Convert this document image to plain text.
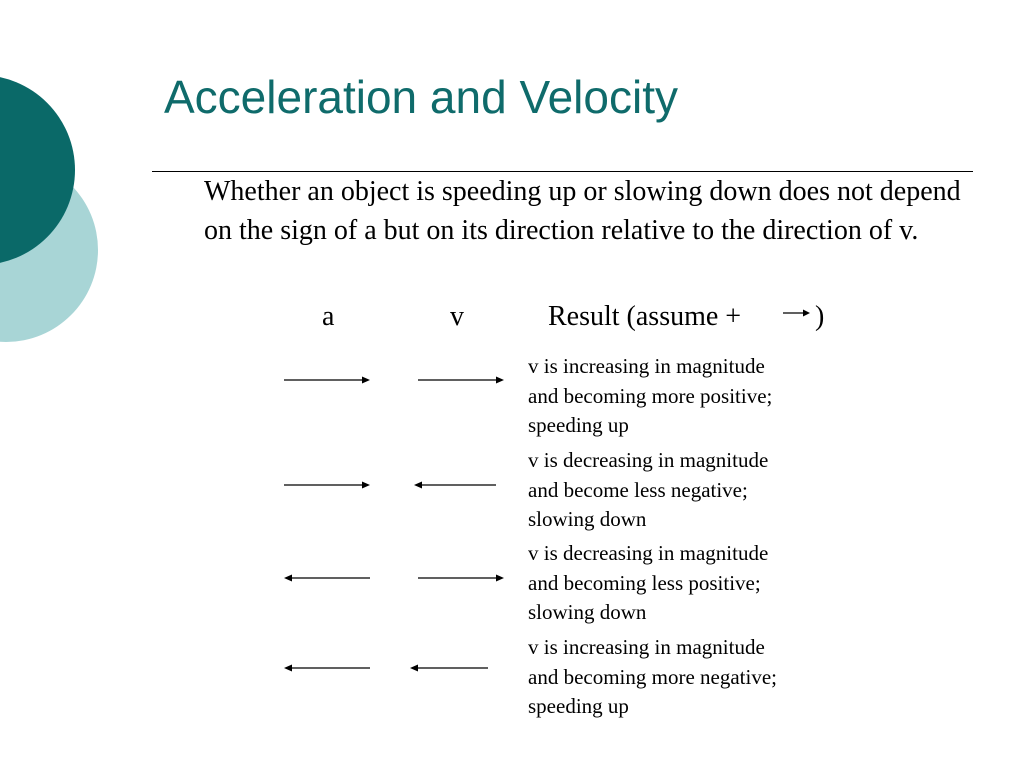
Acceleration and Velocity
Whether an object is speeding up or slowing down does not depend on the sign of a but on its direction relative to the direction of v.
a	v	Result (assume +	)
v is increasing in magnitude
and becoming more positive;
speeding up
v is decreasing in magnitude
and become less negative;
slowing down
v is decreasing in magnitude
and becoming less positive;
slowing down
v is increasing in magnitude
and becoming more negative;
speeding up
